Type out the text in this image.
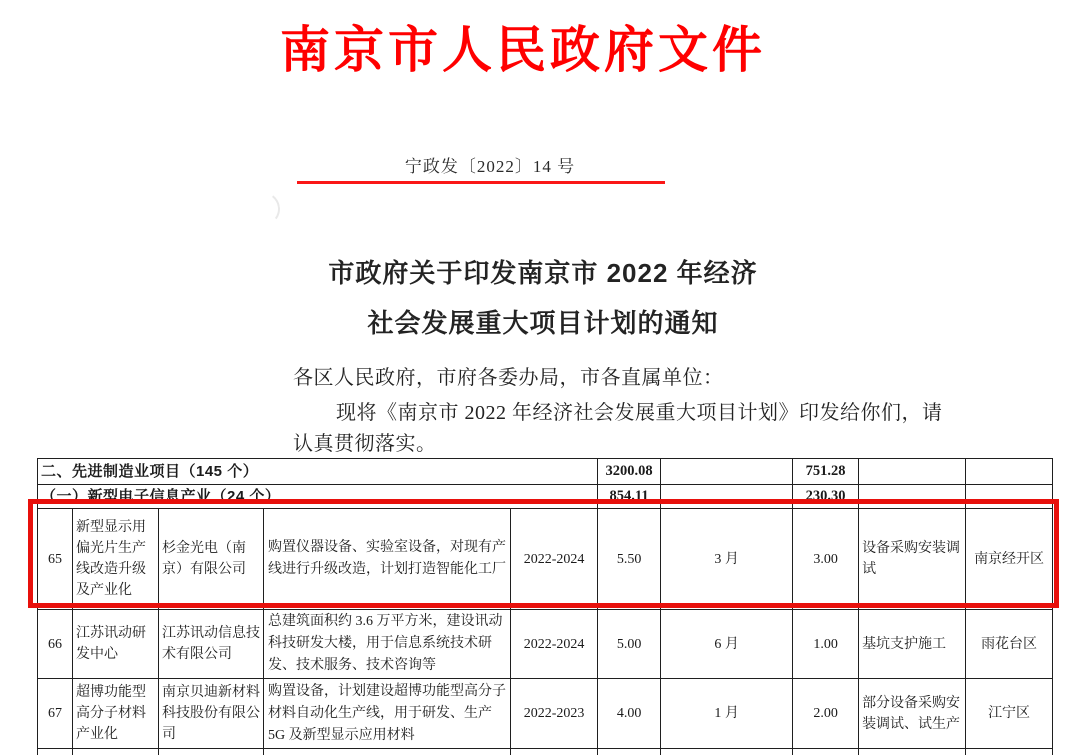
南京市人民政府文件
宁政发〔2022〕14 号
市政府关于印发南京市 2022 年经济
社会发展重大项目计划的通知
各区人民政府，市府各委办局，市各直属单位：
现将《南京市 2022 年经济社会发展重大项目计划》印发给你们，请
认真贯彻落实。
二、先进制造业项目（145 个）					3200.08		751.28		
（一）新型电子信息产业（24 个）					854.11		230.30		
65	新型显示用偏光片生产线改造升级及产业化	杉金光电（南京）有限公司	购置仪器设备、实验室设备，对现有产线进行升级改造，计划打造智能化工厂	2022-2024	5.50	3 月	3.00	设备采购安装调试	南京经开区
66	江苏讯动研发中心	江苏讯动信息技术有限公司	总建筑面积约 3.6 万平方米，建设讯动科技研发大楼，用于信息系统技术研发、技术服务、技术咨询等	2022-2024	5.00	6 月	1.00	基坑支护施工	雨花台区
67	超博功能型高分子材料产业化	南京贝迪新材料科技股份有限公司	购置设备，计划建设超博功能型高分子材料自动化生产线，用于研发、生产 5G 及新型显示应用材料	2022-2023	4.00	1 月	2.00	部分设备采购安装调试、试生产	江宁区
